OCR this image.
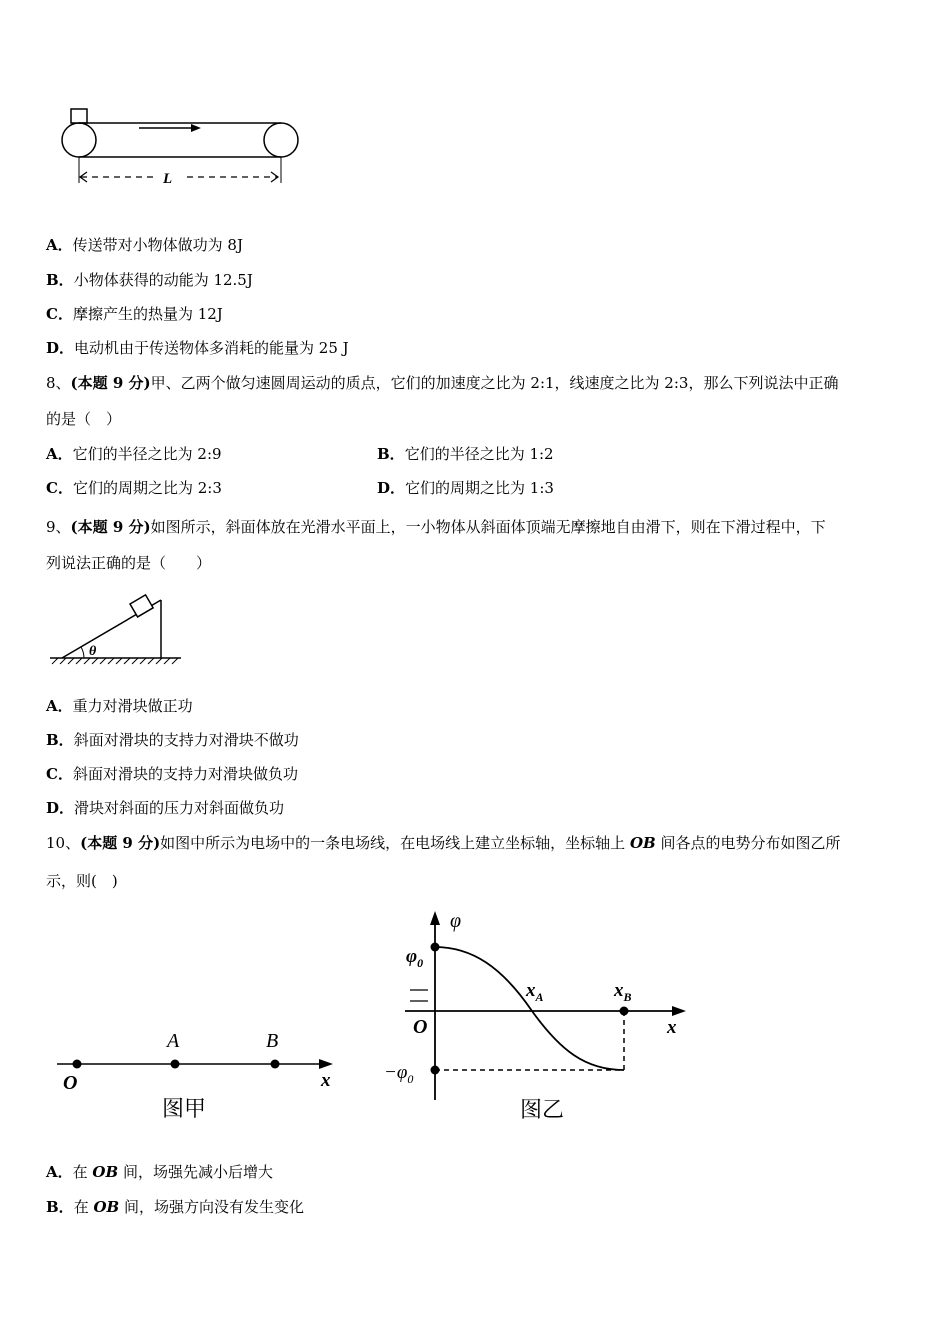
L
A．传送带对小物体做功为 8J
B．小物体获得的动能为 12.5J
C．摩擦产生的热量为 12J
D．电动机由于传送物体多消耗的能量为 25 J
8、(本题 9 分)甲、乙两个做匀速圆周运动的质点，它们的加速度之比为 2:1，线速度之比为 2:3，那么下列说法中正确
的是（　）
A．它们的半径之比为 2:9	B．它们的半径之比为 1:2
C．它们的周期之比为 2:3	D．它们的周期之比为 1:3
9、(本题 9 分)如图所示，斜面体放在光滑水平面上，一小物体从斜面体顶端无摩擦地自由滑下，则在下滑过程中，下
列说法正确的是（　　）
θ
A．重力对滑块做正功
B．斜面对滑块的支持力对滑块不做功
C．斜面对滑块的支持力对滑块做负功
D．滑块对斜面的压力对斜面做负功
10、(本题 9 分)如图中所示为电场中的一条电场线，在电场线上建立坐标轴，坐标轴上 OB 间各点的电势分布如图乙所
示，则(　)
O
A	B
x
图甲
φ
$\varphi_0$
$-\varphi_0$
O	x
$x_A$	$x_B$
图乙
A．在 OB 间，场强先减小后增大
B．在 OB 间，场强方向没有发生变化
